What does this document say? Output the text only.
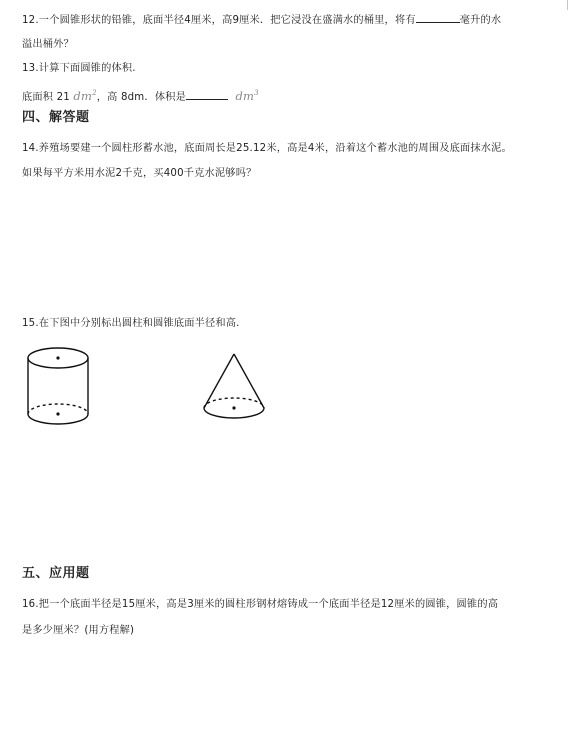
12.一个圆锥形状的铅锥，底面半径4厘米，高9厘米．把它浸没在盛满水的桶里，将有	毫升的水
溢出桶外？
13.计算下面圆锥的体积.
底面积 21 $dm^2$，高 8dm．体积是	$dm^3$
四、解答题
14.养殖场要建一个圆柱形蓄水池，底面周长是25.12米，高是4米，沿着这个蓄水池的周围及底面抹水泥。
如果每平方米用水泥2千克，买400千克水泥够吗？
15.在下图中分别标出圆柱和圆锥底面半径和高.
五、应用题
16.把一个底面半径是15厘米，高是3厘米的圆柱形钢材熔铸成一个底面半径是12厘米的圆锥，圆锥的高
是多少厘米？(用方程解)
